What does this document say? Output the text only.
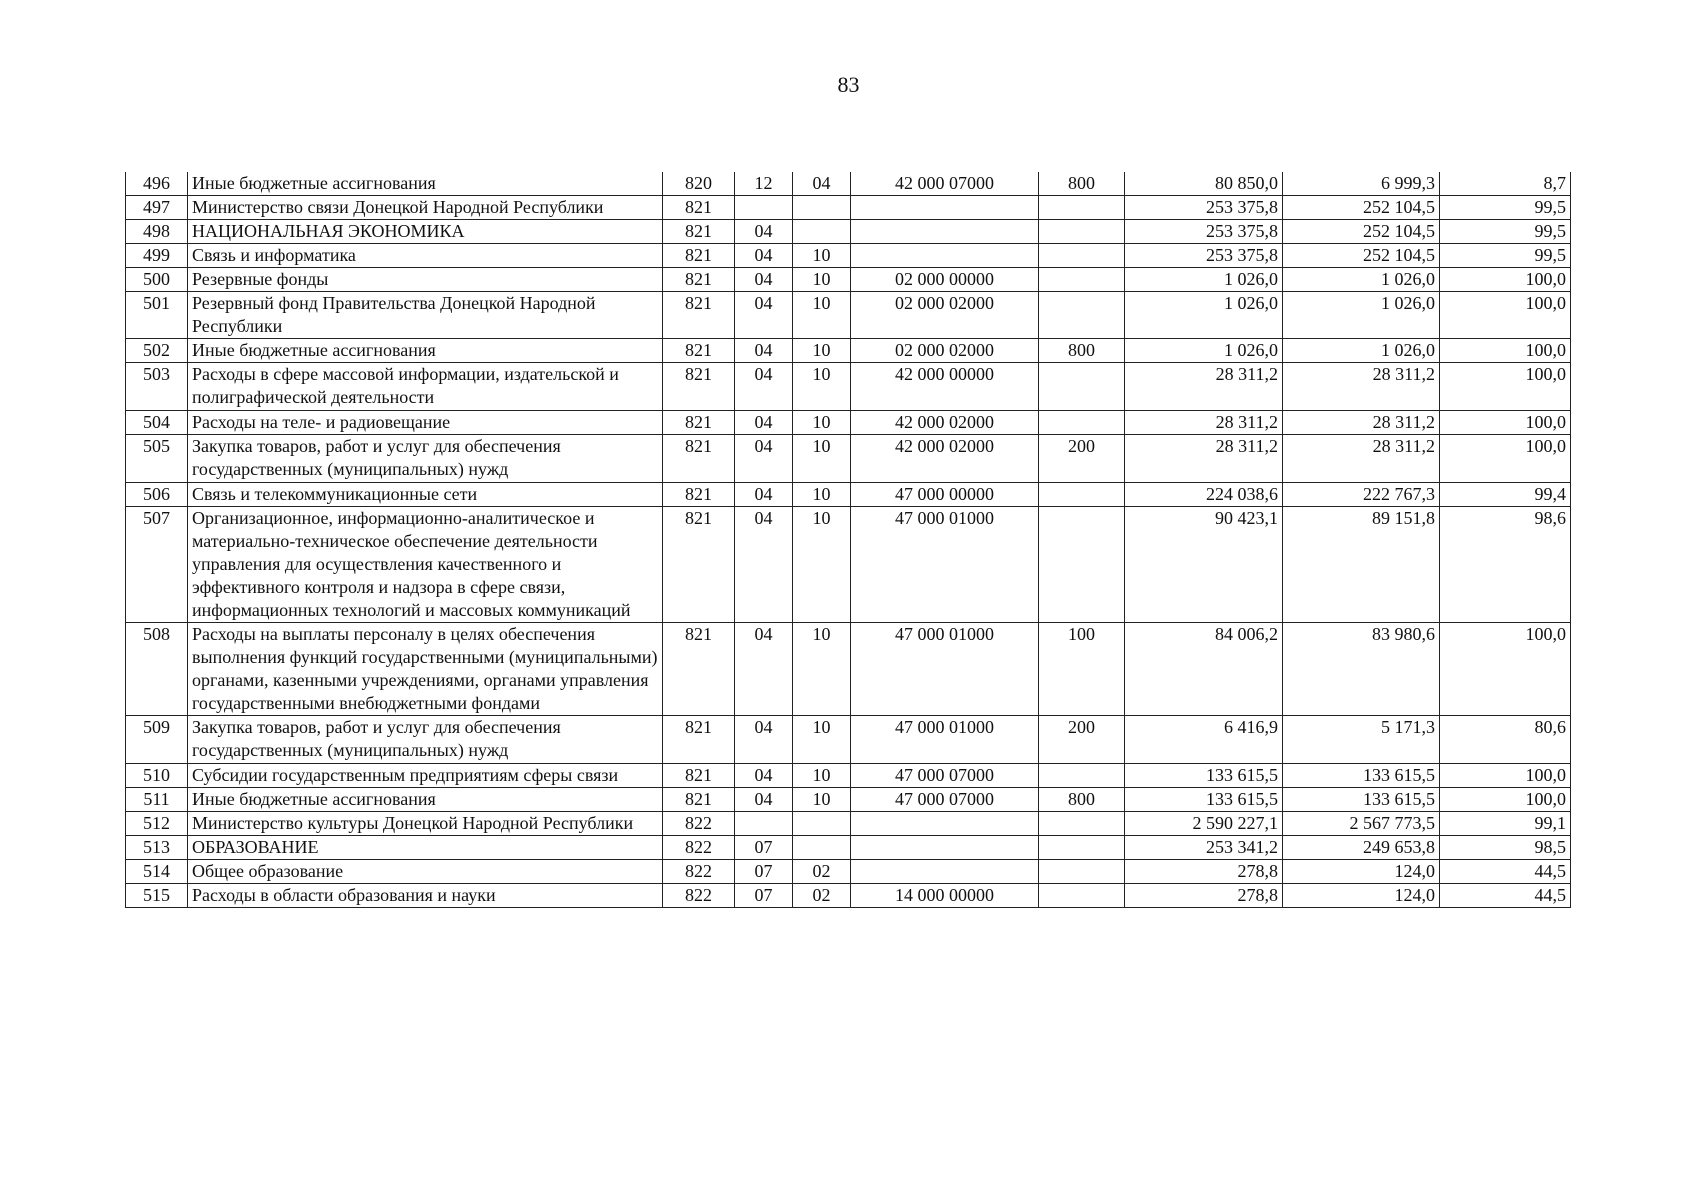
83
496	Иные бюджетные ассигнования	820	12	04	42 000 07000	800	80 850,0	6 999,3	8,7
497	Министерство связи Донецкой Народной Республики	821					253 375,8	252 104,5	99,5
498	НАЦИОНАЛЬНАЯ ЭКОНОМИКА	821	04				253 375,8	252 104,5	99,5
499	Связь и информатика	821	04	10			253 375,8	252 104,5	99,5
500	Резервные фонды	821	04	10	02 000 00000		1 026,0	1 026,0	100,0
501	Резервный фонд Правительства Донецкой Народной Республики	821	04	10	02 000 02000		1 026,0	1 026,0	100,0
502	Иные бюджетные ассигнования	821	04	10	02 000 02000	800	1 026,0	1 026,0	100,0
503	Расходы в сфере массовой информации, издательской и полиграфической деятельности	821	04	10	42 000 00000		28 311,2	28 311,2	100,0
504	Расходы на теле- и радиовещание	821	04	10	42 000 02000		28 311,2	28 311,2	100,0
505	Закупка товаров, работ и услуг для обеспечения государственных (муниципальных) нужд	821	04	10	42 000 02000	200	28 311,2	28 311,2	100,0
506	Связь и телекоммуникационные сети	821	04	10	47 000 00000		224 038,6	222 767,3	99,4
507	Организационное, информационно-аналитическое и материально-техническое обеспечение деятельности управления для осуществления качественного и эффективного контроля и надзора в сфере связи, информационных технологий и массовых коммуникаций	821	04	10	47 000 01000		90 423,1	89 151,8	98,6
508	Расходы на выплаты персоналу в целях обеспечения выполнения функций государственными (муниципальными) органами, казенными учреждениями, органами управления государственными внебюджетными фондами	821	04	10	47 000 01000	100	84 006,2	83 980,6	100,0
509	Закупка товаров, работ и услуг для обеспечения государственных (муниципальных) нужд	821	04	10	47 000 01000	200	6 416,9	5 171,3	80,6
510	Субсидии государственным предприятиям сферы связи	821	04	10	47 000 07000		133 615,5	133 615,5	100,0
511	Иные бюджетные ассигнования	821	04	10	47 000 07000	800	133 615,5	133 615,5	100,0
512	Министерство культуры Донецкой Народной Республики	822					2 590 227,1	2 567 773,5	99,1
513	ОБРАЗОВАНИЕ	822	07				253 341,2	249 653,8	98,5
514	Общее образование	822	07	02			278,8	124,0	44,5
515	Расходы в области образования и науки	822	07	02	14 000 00000		278,8	124,0	44,5
